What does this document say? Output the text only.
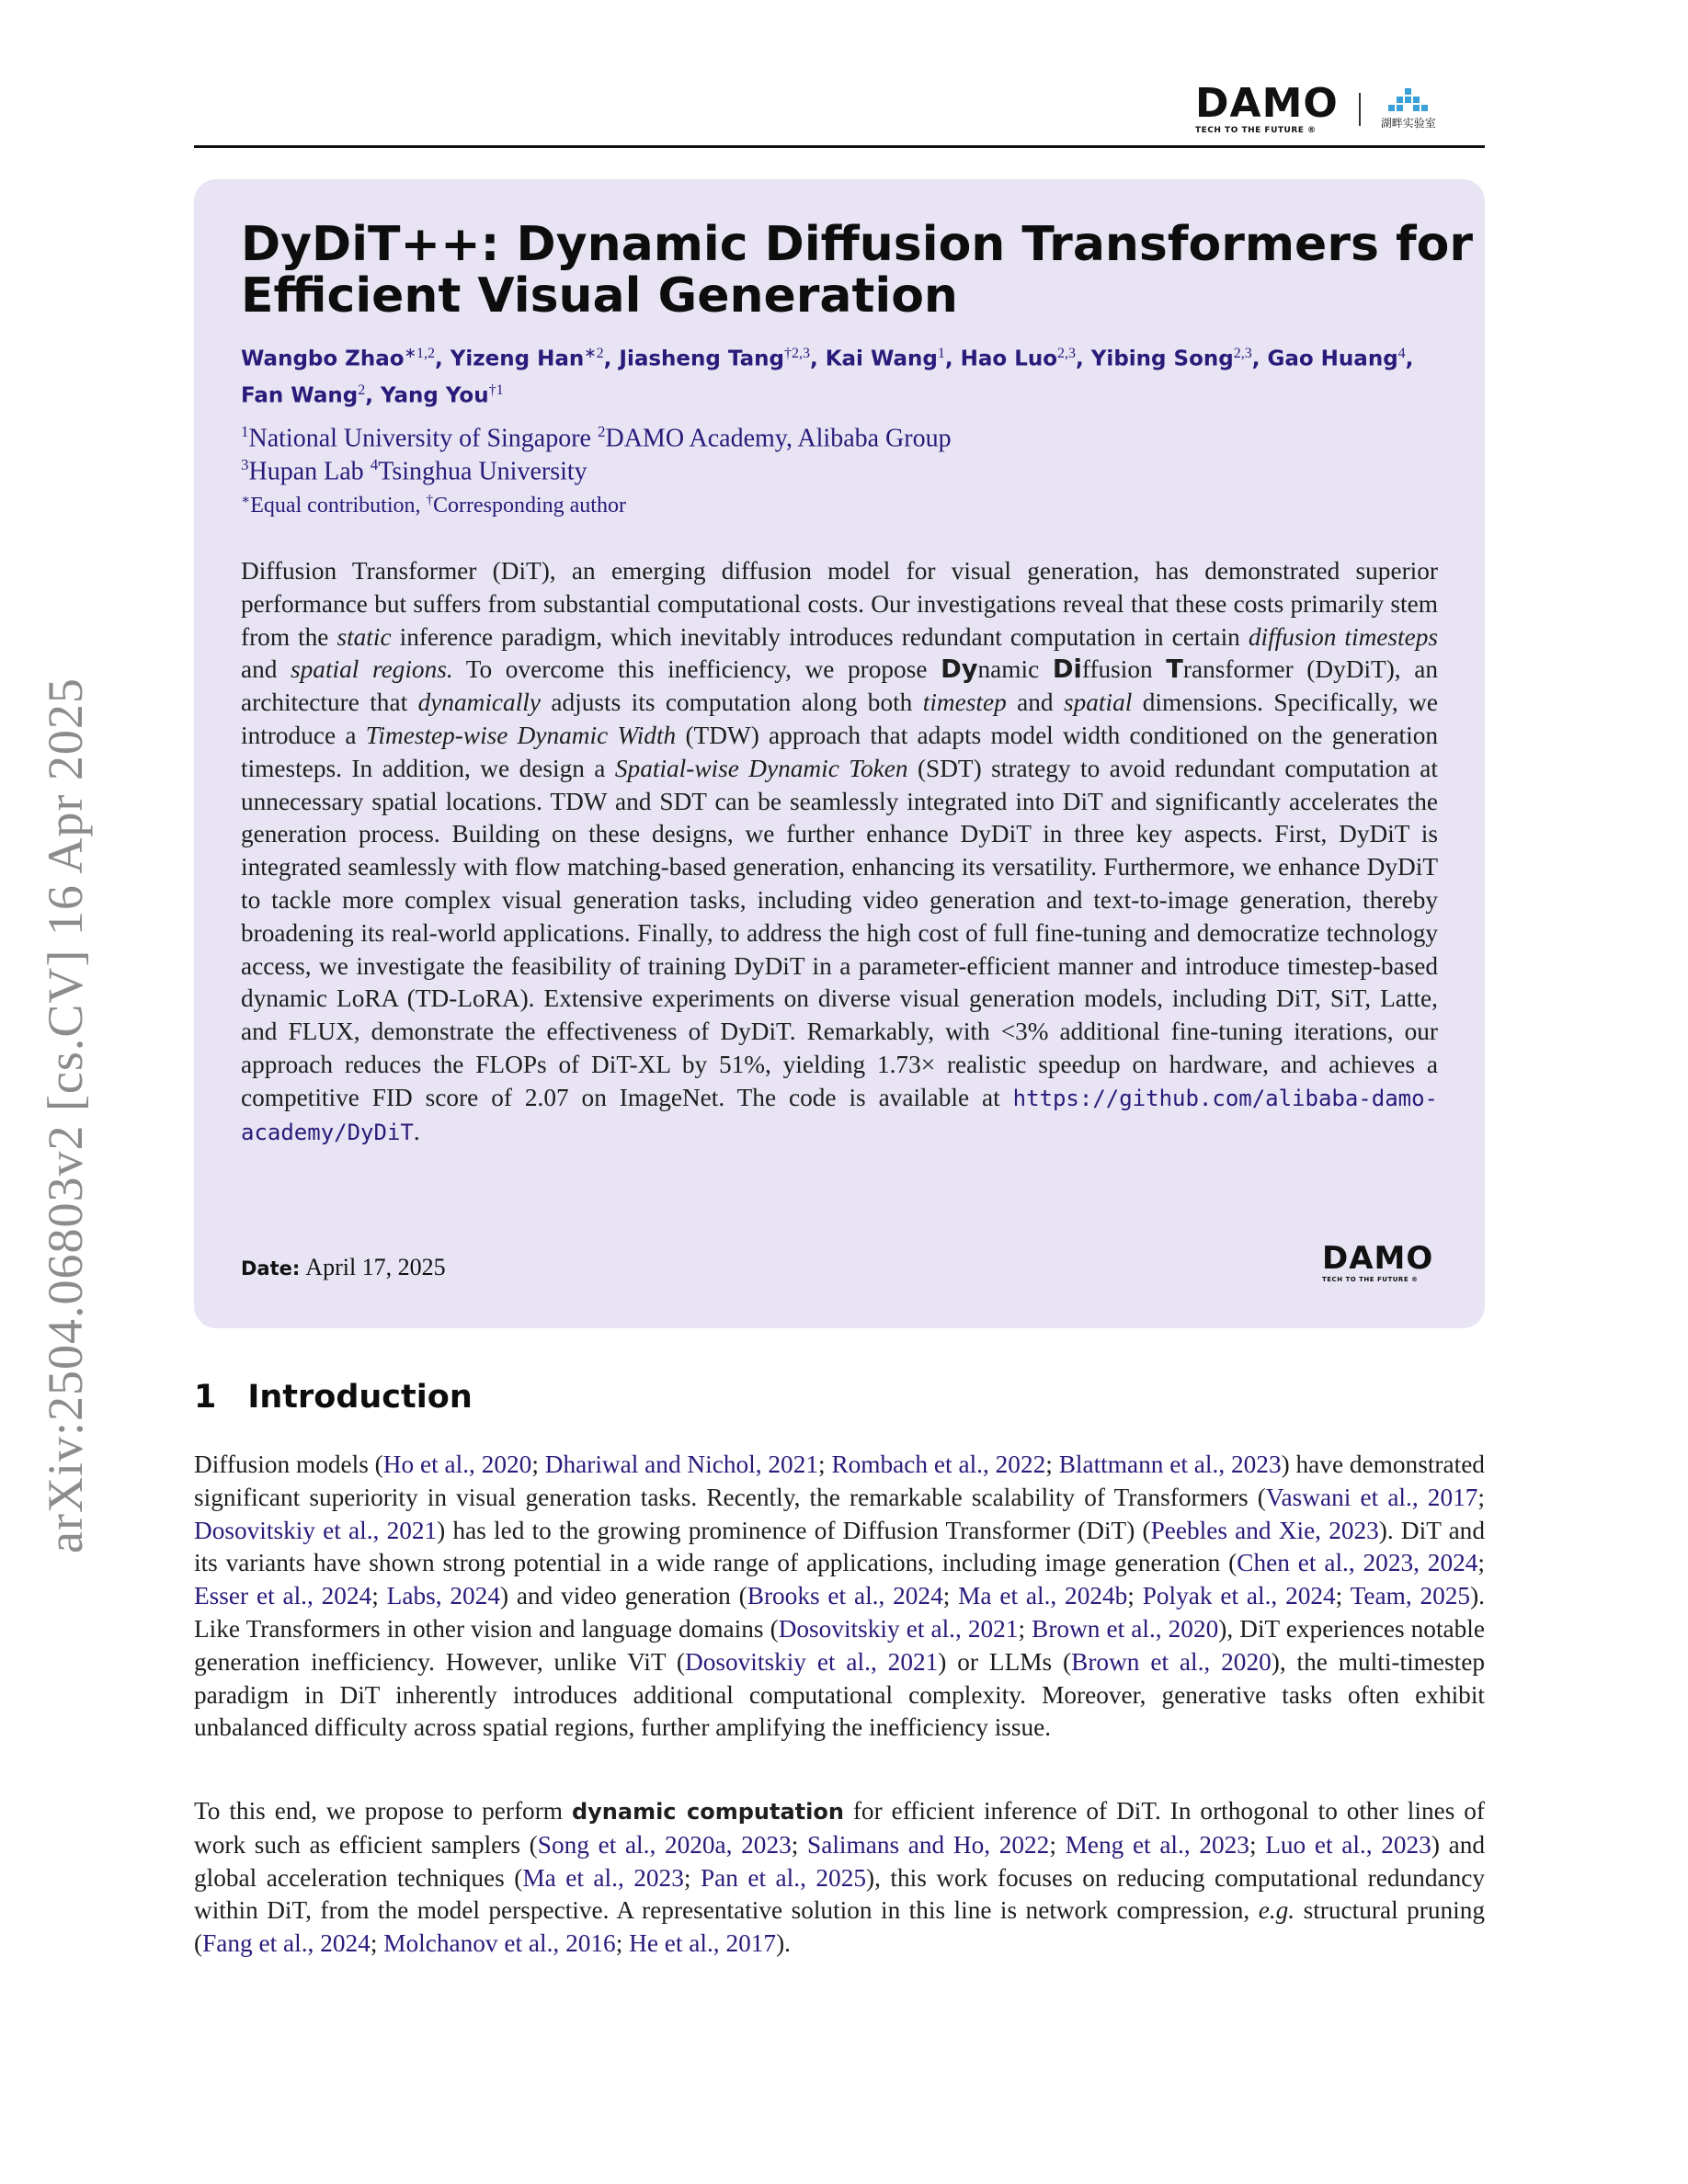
arXiv:2504.06803v2 [cs.CV] 16 Apr 2025
DAMO
TECH TO THE FUTURE ®
湖畔实验室
DyDiT++: Dynamic Diffusion Transformers for Efficient Visual Generation
Wangbo Zhao$^{∗1,2}$, Yizeng Han$^{∗2}$, Jiasheng Tang$^{\dagger 2,3}$, Kai Wang$^1$, Hao Luo$^{2,3}$, Yibing Song$^{2,3}$, Gao Huang$^4$,
Fan Wang$^2$, Yang You$^{\dagger 1}$
$^1$National University of Singapore $^2$DAMO Academy, Alibaba Group
$^3$Hupan Lab $^4$Tsinghua University
∗Equal contribution, †Corresponding author
Diffusion Transformer (DiT), an emerging diffusion model for visual generation, has demonstrated superior performance but suffers from substantial computational costs. Our investigations reveal that these costs primarily stem from the static inference paradigm, which inevitably introduces redundant computation in certain diffusion timesteps and spatial regions. To overcome this inefficiency, we propose Dynamic Diffusion Transformer (DyDiT), an architecture that dynamically adjusts its computation along both timestep and spatial dimensions. Specifically, we introduce a Timestep-wise Dynamic Width (TDW) approach that adapts model width conditioned on the generation timesteps. In addition, we design a Spatial-wise Dynamic Token (SDT) strategy to avoid redundant computation at unnecessary spatial locations. TDW and SDT can be seamlessly integrated into DiT and significantly accelerates the generation process. Building on these designs, we further enhance DyDiT in three key aspects. First, DyDiT is integrated seamlessly with flow matching-based generation, enhancing its versatility. Furthermore, we enhance DyDiT to tackle more complex visual generation tasks, including video generation and text-to-image generation, thereby broadening its real-world applications. Finally, to address the high cost of full fine-tuning and democratize technology access, we investigate the feasibility of training DyDiT in a parameter-efficient manner and introduce timestep-based dynamic LoRA (TD-LoRA). Extensive experiments on diverse visual generation models, including DiT, SiT, Latte, and FLUX, demonstrate the effectiveness of DyDiT. Remarkably, with <3% additional fine-tuning iterations, our approach reduces the FLOPs of DiT-XL by 51%, yielding 1.73× realistic speedup on hardware, and achieves a competitive FID score of 2.07 on ImageNet. The code is available at https://github.com/alibaba-damo-academy/DyDiT.
Date: April 17, 2025	DAMO
TECH TO THE FUTURE ®
1 Introduction

Diffusion models (Ho et al., 2020; Dhariwal and Nichol, 2021; Rombach et al., 2022; Blattmann et al., 2023) have demonstrated significant superiority in visual generation tasks. Recently, the remarkable scalability of Transformers (Vaswani et al., 2017; Dosovitskiy et al., 2021) has led to the growing prominence of Diffusion Transformer (DiT) (Peebles and Xie, 2023). DiT and its variants have shown strong potential in a wide range of applications, including image generation (Chen et al., 2023, 2024; Esser et al., 2024; Labs, 2024) and video generation (Brooks et al., 2024; Ma et al., 2024b; Polyak et al., 2024; Team, 2025). Like Transformers in other vision and language domains (Dosovitskiy et al., 2021; Brown et al., 2020), DiT experiences notable generation inefficiency. However, unlike ViT (Dosovitskiy et al., 2021) or LLMs (Brown et al., 2020), the multi-timestep paradigm in DiT inherently introduces additional computational complexity. Moreover, generative tasks often exhibit unbalanced difficulty across spatial regions, further amplifying the inefficiency issue.

To this end, we propose to perform dynamic computation for efficient inference of DiT. In orthogonal to other lines of work such as efficient samplers (Song et al., 2020a, 2023; Salimans and Ho, 2022; Meng et al., 2023; Luo et al., 2023) and global acceleration techniques (Ma et al., 2023; Pan et al., 2025), this work focuses on reducing computational redundancy within DiT, from the model perspective. A representative solution in this line is network compression, e.g. structural pruning (Fang et al., 2024; Molchanov et al., 2016; He et al., 2017).
